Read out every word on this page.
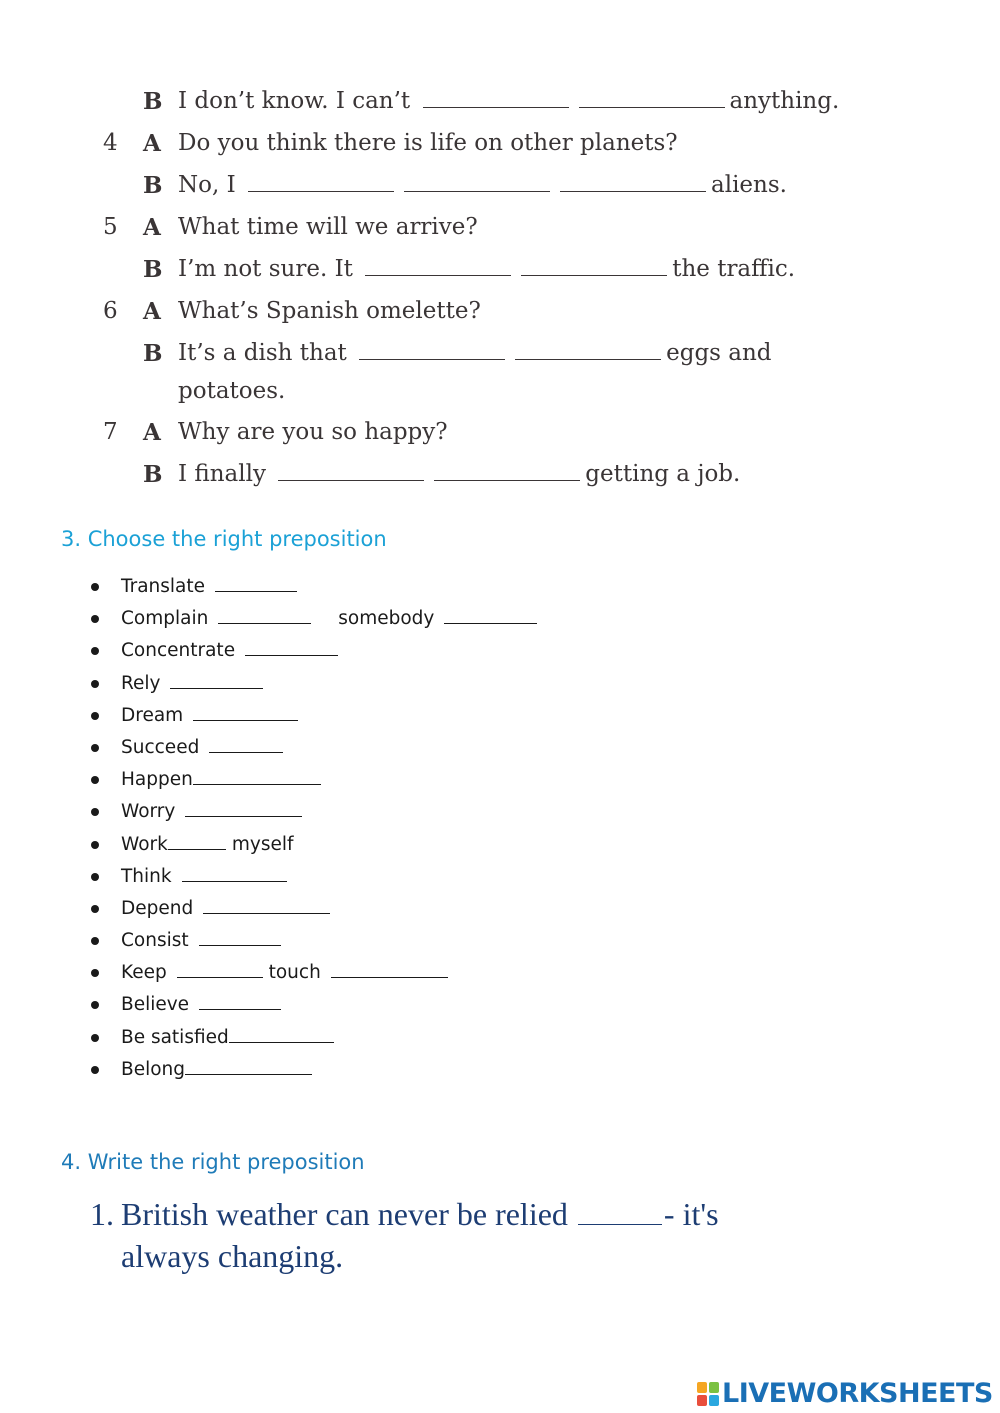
B I don’t know. I can’t	anything.
4 A Do you think there is life on other planets?
B No, I	aliens.
5 A What time will we arrive?
B I’m not sure. It	the traffic.
6 A What’s Spanish omelette?
B It’s a dish that	eggs and
potatoes.
7 A Why are you so happy?
B I finally	getting a job.
3. Choose the right preposition
Translate
Complain	somebody
Concentrate
Rely
Dream
Succeed
Happen
Worry
Work	myself
Think
Depend
Consist
Keep	touch
Believe
Be satisfied
Belong
4. Write the right preposition
1. British weather can never be relied	- it's
always changing.
LIVEWORKSHEETS
